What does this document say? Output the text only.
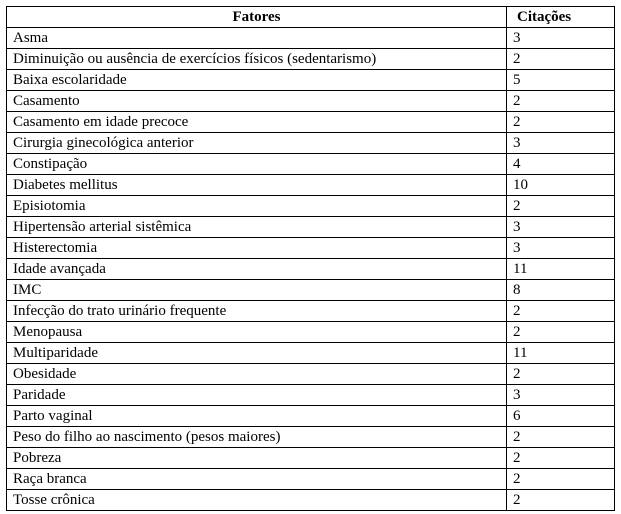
Fatores	Citações
Asma	3
Diminuição ou ausência de exercícios físicos (sedentarismo)	2
Baixa escolaridade	5
Casamento	2
Casamento em idade precoce	2
Cirurgia ginecológica anterior	3
Constipação	4
Diabetes mellitus	10
Episiotomia	2
Hipertensão arterial sistêmica	3
Histerectomia	3
Idade avançada	11
IMC	8
Infecção do trato urinário frequente	2
Menopausa	2
Multiparidade	11
Obesidade	2
Paridade	3
Parto vaginal	6
Peso do filho ao nascimento (pesos maiores)	2
Pobreza	2
Raça branca	2
Tosse crônica	2
